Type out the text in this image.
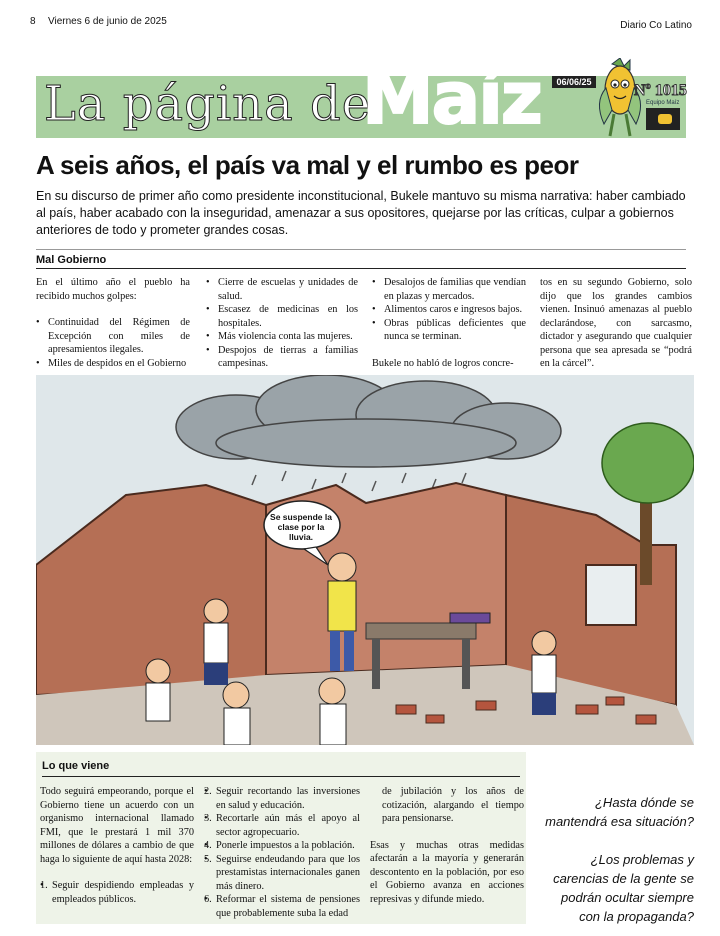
8 Viernes 6 de junio de 2025	Diario Co Latino
La página de
Maíz	06/06/25	Nº 1015
Equipo Maíz
A seis años, el país va mal y el rumbo es peor
En su discurso de primer año como presidente inconstitucional, Bukele mantuvo su misma narrativa: haber cambiado al país, haber acabado con la inseguridad, amenazar a sus opositores, quejarse por las críticas, culpar a gobiernos anteriores de todo y prometer grandes cosas.
Mal Gobierno

En el último año el pueblo ha recibido muchos golpes:

• Continuidad del Régimen de Excepción con miles de apresamientos ilegales.
• Miles de despidos en el Gobierno
• Cierre de escuelas y unidades de salud.
• Escasez de medicinas en los hospitales.
• Más violencia conta las mujeres.
• Despojos de tierras a familias campesinas.
• Desalojos de familias que vendían en plazas y mercados.
• Alimentos caros e ingresos bajos.
• Obras públicas deficientes que nunca se terminan.

Bukele no habló de logros concre-

tos en su segundo Gobierno, solo dijo que los grandes cambios vienen. Insinuó amenazas al pueblo declarándose, con sarcasmo, dictador y asegurando que cualquier persona que sea apresada se “podrá en la cárcel”.

Se suspende la clase por la lluvia.
Lo que viene

Todo seguirá empeorando, porque el Gobierno tiene un acuerdo con un organismo internacional llamado FMI, que le prestará 1 mil 370 millones de dólares a cambio de que haga lo siguiente de aquí hasta 2028:

• 1. Seguir despidiendo empleadas y empleados públicos.
• 2. Seguir recortando las inversiones en salud y educación.
• 3. Recortarle aún más el apoyo al sector agropecuario.
• 4. Ponerle impuestos a la población.
• 5. Seguirse endeudando para que los prestamistas internacionales ganen más dinero.
• 6. Reformar el sistema de pensiones que probablemente suba la edad

de jubilación y los años de cotización, alargando el tiempo para pensionarse.

Esas y muchas otras medidas afectarán a la mayoría y generarán descontento en la población, por eso el Gobierno avanza en acciones represivas y difunde miedo.

¿Hasta dónde se mantendrá esa situación?
¿Los problemas y carencias de la gente se podrán ocultar siempre con la propaganda?
